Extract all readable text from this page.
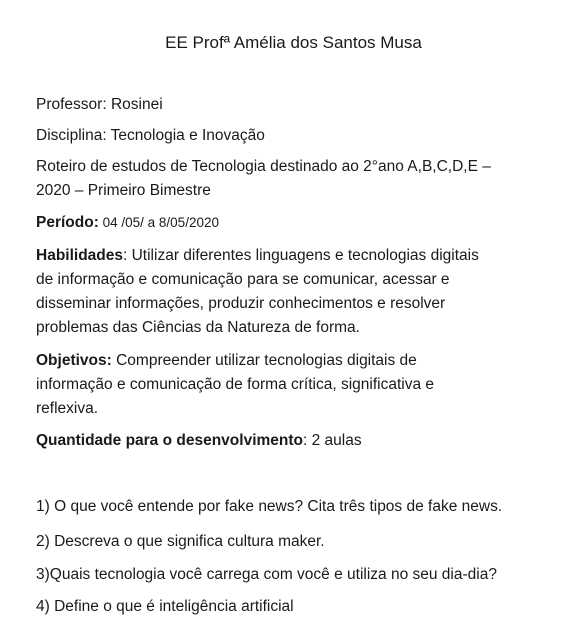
EE Profª Amélia dos Santos Musa
Professor: Rosinei
Disciplina: Tecnologia e Inovação
Roteiro de estudos de Tecnologia destinado ao 2°ano A,B,C,D,E –
2020 – Primeiro Bimestre
Período: 04 /05/ a 8/05/2020
Habilidades: Utilizar diferentes linguagens e tecnologias digitais
de informação e comunicação para se comunicar, acessar e
disseminar informações, produzir conhecimentos e resolver
problemas das Ciências da Natureza de forma.
Objetivos: Compreender utilizar tecnologias digitais de
informação e comunicação de forma crítica, significativa e
reflexiva.
Quantidade para o desenvolvimento: 2 aulas
1) O que você entende por fake news? Cita três tipos de fake news.
2) Descreva o que significa cultura maker.
3)Quais tecnologia você carrega com você e utiliza no seu dia-dia?
4) Define o que é inteligência artificial
